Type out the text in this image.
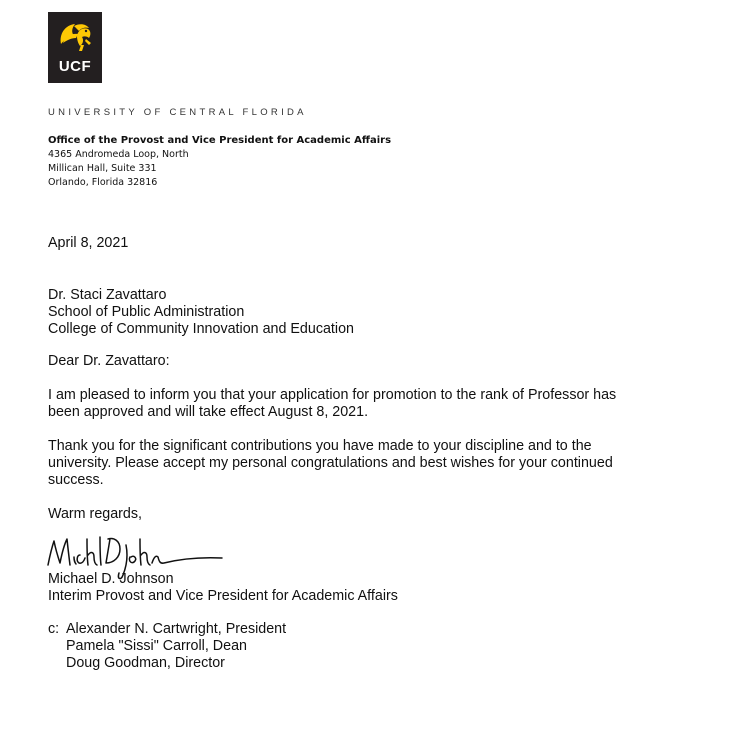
UCF
UNIVERSITY OF CENTRAL FLORIDA
Office of the Provost and Vice President for Academic Affairs
4365 Andromeda Loop, North
Millican Hall, Suite 331
Orlando, Florida 32816
April 8, 2021
Dr. Staci Zavattaro
School of Public Administration
College of Community Innovation and Education
Dear Dr. Zavattaro:
I am pleased to inform you that your application for promotion to the rank of Professor has
been approved and will take effect August 8, 2021.
Thank you for the significant contributions you have made to your discipline and to the
university. Please accept my personal congratulations and best wishes for your continued
success.
Warm regards,
Michael D. Johnson
Interim Provost and Vice President for Academic Affairs
c: Alexander N. Cartwright, President
Pamela "Sissi" Carroll, Dean
Doug Goodman, Director
